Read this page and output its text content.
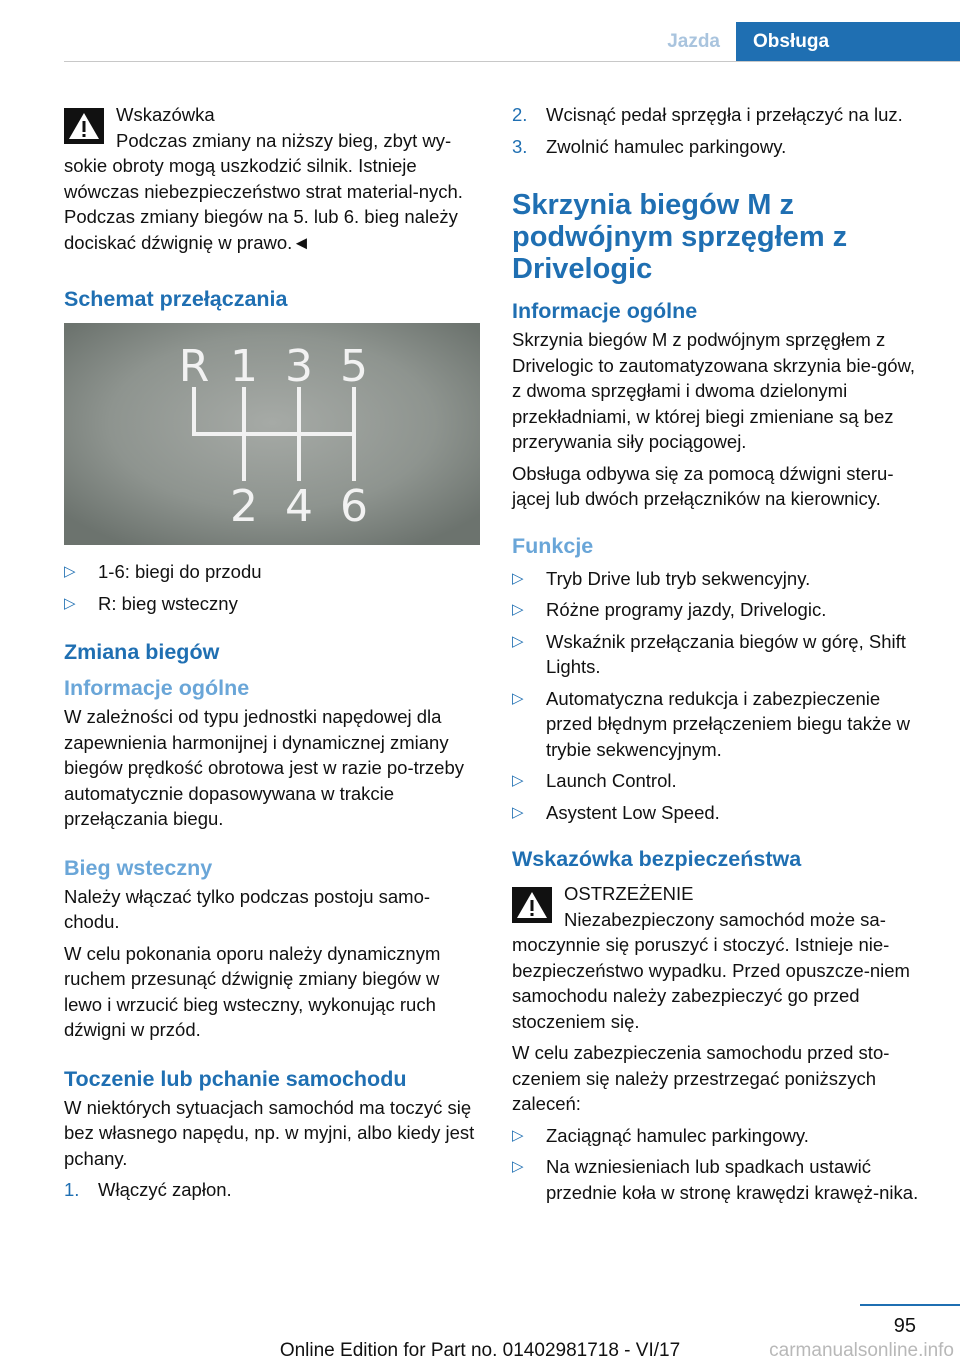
Jazda	Obsługa
Wskazówka

Podczas zmiany na niższy bieg, zbyt wy-sokie obroty mogą uszkodzić silnik. Istnieje wówczas niebezpieczeństwo strat material-nych. Podczas zmiany biegów na 5. lub 6. bieg należy dociskać dźwignię w prawo.◄

Schemat przełączania
R 1 3 5
2 4 6
▷ 1-6: biegi do przodu
▷ R: bieg wsteczny
Zmiana biegów
Informacje ogólne

W zależności od typu jednostki napędowej dla zapewnienia harmonijnej i dynamicznej zmiany biegów prędkość obrotowa jest w razie po-trzeby automatycznie dopasowywana w trakcie przełączania biegu.

Bieg wsteczny

Należy włączać tylko podczas postoju samo-chodu.

W celu pokonania oporu należy dynamicznym ruchem przesunąć dźwignię zmiany biegów w lewo i wrzucić bieg wsteczny, wykonując ruch dźwigni w przód.

Toczenie lub pchanie samochodu

W niektórych sytuacjach samochód ma toczyć się bez własnego napędu, np. w myjni, albo kiedy jest pchany.

1. Włączyć zapłon.
2. Wcisnąć pedał sprzęgła i przełączyć na luz.
3. Zwolnić hamulec parkingowy.
Skrzynia biegów M z podwójnym sprzęgłem z Drivelogic
Informacje ogólne

Skrzynia biegów M z podwójnym sprzęgłem z Drivelogic to zautomatyzowana skrzynia bie-gów, z dwoma sprzęgłami i dwoma dzielonymi przekładniami, w której biegi zmieniane są bez przerywania siły pociągowej.

Obsługa odbywa się za pomocą dźwigni steru-jącej lub dwóch przełączników na kierownicy.

Funkcje
▷ Tryb Drive lub tryb sekwencyjny.
▷ Różne programy jazdy, Drivelogic.
▷ Wskaźnik przełączania biegów w górę, Shift Lights.
▷ Automatyczna redukcja i zabezpieczenie przed błędnym przełączeniem biegu także w trybie sekwencyjnym.
▷ Launch Control.
▷ Asystent Low Speed.
Wskazówka bezpieczeństwa
OSTRZEŻENIE

Niezabezpieczony samochód może sa-moczynnie się poruszyć i stoczyć. Istnieje nie-bezpieczeństwo wypadku. Przed opuszcze-niem samochodu należy zabezpieczyć go przed stoczeniem się.

W celu zabezpieczenia samochodu przed sto-czeniem się należy przestrzegać poniższych zaleceń:

▷ Zaciągnąć hamulec parkingowy.
▷ Na wzniesieniach lub spadkach ustawić przednie koła w stronę krawędzi krawęż-nika.
95
Online Edition for Part no. 01402981718 - VI/17	carmanualsonline.info
